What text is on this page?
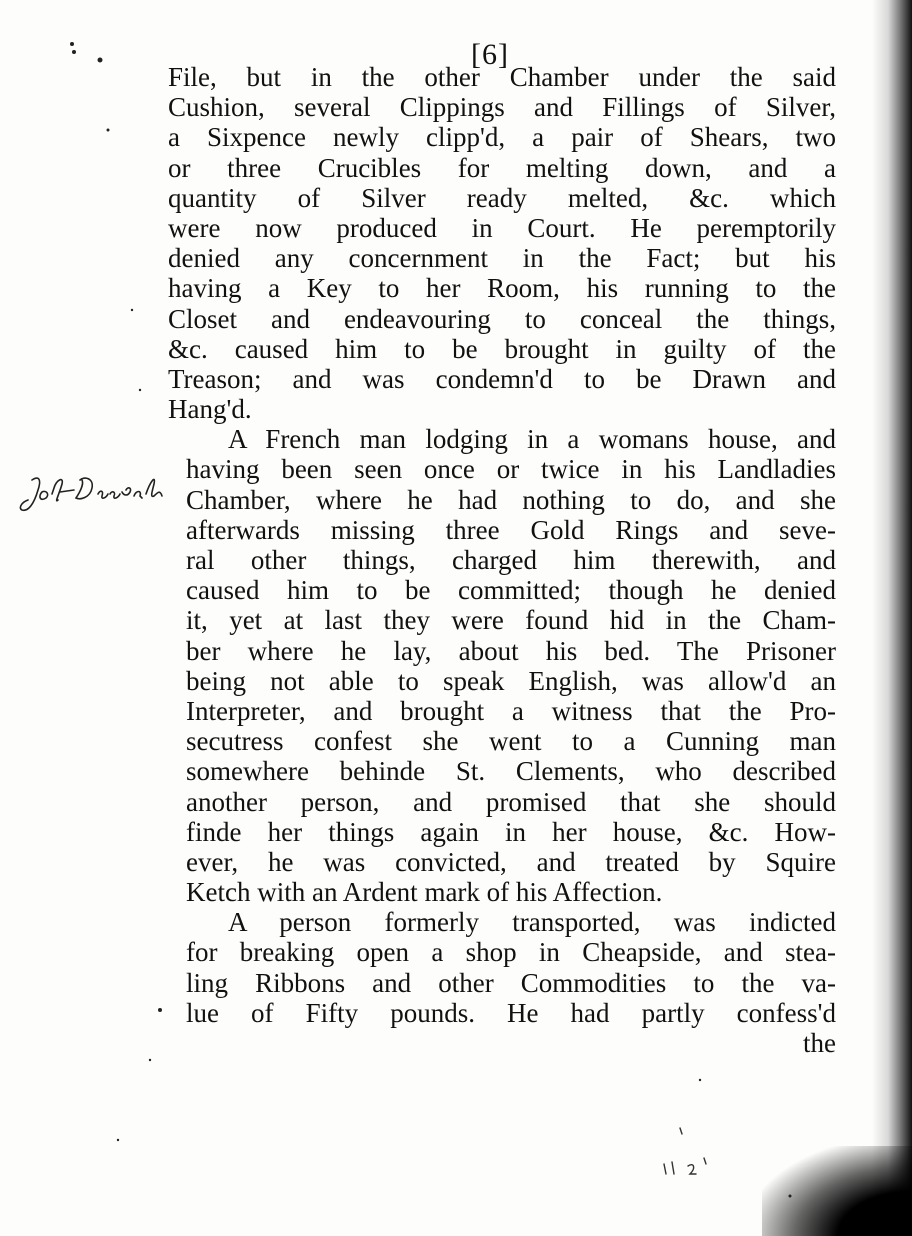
[6]
File, but in the other Chamber under the said
Cushion, several Clippings and Fillings of Silver,
a Sixpence newly clipp'd, a pair of Shears, two
or three Crucibles for melting down, and a
quantity of Silver ready melted, &c. which
were now produced in Court. He peremptorily
denied any concernment in the Fact; but his
having a Key to her Room, his running to the
Closet and endeavouring to conceal the things,
&c. caused him to be brought in guilty of the
Treason; and was condemn'd to be Drawn and
Hang'd.
A French man lodging in a womans house, and
having been seen once or twice in his Landladies
Chamber, where he had nothing to do, and she
afterwards missing three Gold Rings and seve-
ral other things, charged him therewith, and
caused him to be committed; though he denied
it, yet at last they were found hid in the Cham-
ber where he lay, about his bed. The Prisoner
being not able to speak English, was allow'd an
Interpreter, and brought a witness that the Pro-
secutress confest she went to a Cunning man
somewhere behinde St. Clements, who described
another person, and promised that she should
finde her things again in her house, &c. How-
ever, he was convicted, and treated by Squire
Ketch with an Ardent mark of his Affection.
A person formerly transported, was indicted
for breaking open a shop in Cheapside, and stea-
ling Ribbons and other Commodities to the va-
lue of Fifty pounds. He had partly confess'd
the
